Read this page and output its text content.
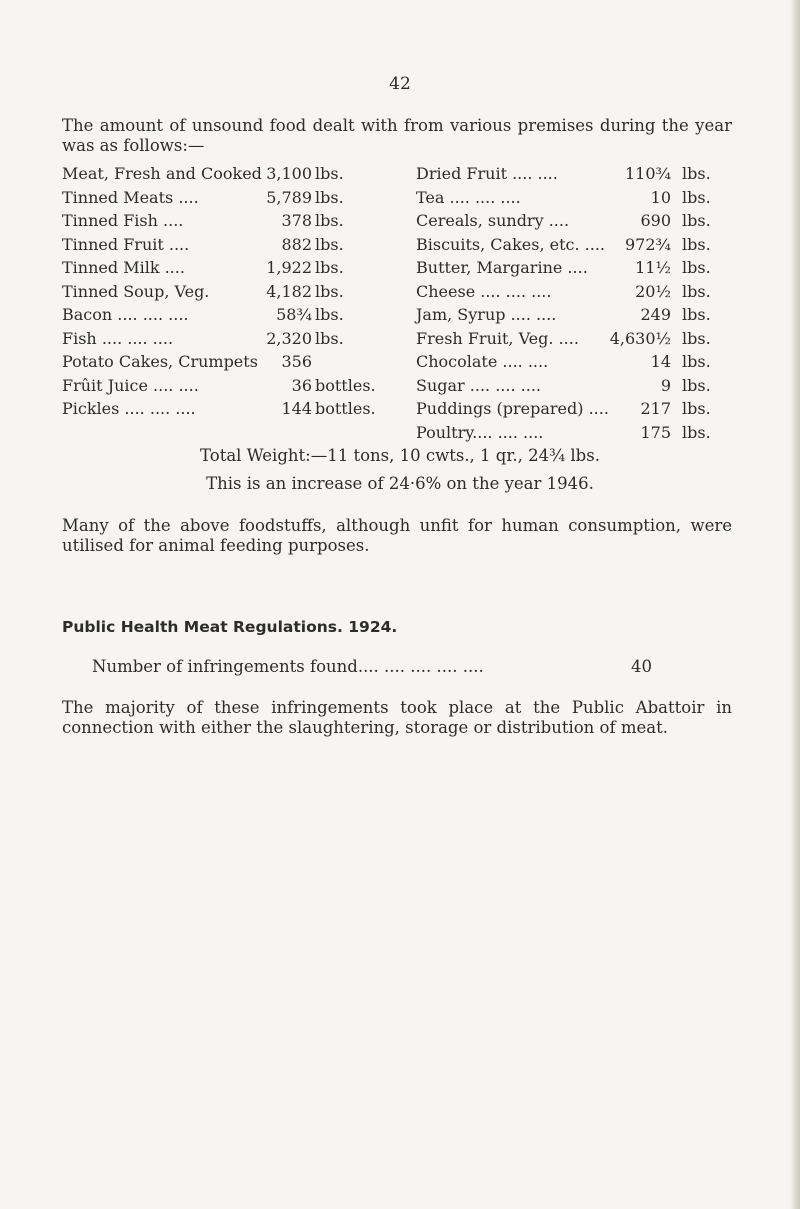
42
The amount of unsound food dealt with from various premises during the year was as follows:—
Meat, Fresh and Cooked 3,100 lbs.
Tinned Meats ....	5,789 lbs.
Tinned Fish ....	378 lbs.
Tinned Fruit ....	882 lbs.
Tinned Milk ....	1,922 lbs.
Tinned Soup, Veg.	4,182 lbs.
Bacon .... .... ....	58¾ lbs.
Fish .... .... ....	2,320 lbs.
Potato Cakes, Crumpets 356
Frûit Juice .... ....	36 bottles.
Pickles .... .... ....	144 bottles.
Dried Fruit .... ....	110¾ lbs.
Tea .... .... ....	10 lbs.
Cereals, sundry ....	690 lbs.
Biscuits, Cakes, etc. .... 972¾ lbs.
Butter, Margarine ....	11½ lbs.
Cheese .... .... ....	20½ lbs.
Jam, Syrup .... ....	249 lbs.
Fresh Fruit, Veg. .... 4,630½ lbs.
Chocolate .... ....	14 lbs.
Sugar .... .... ....	9 lbs.
Puddings (prepared) .... 217 lbs.
Poultry.... .... ....	175 lbs.
Total Weight:—11 tons, 10 cwts., 1 qr., 24¾ lbs.
This is an increase of 24·6% on the year 1946.
Many of the above foodstuffs, although unfit for human consumption, were utilised for animal feeding purposes.
Public Health Meat Regulations. 1924.
Number of infringements found.... .... .... .... ....	40
The majority of these infringements took place at the Public Abattoir in connection with either the slaughtering, storage or distribution of meat.
